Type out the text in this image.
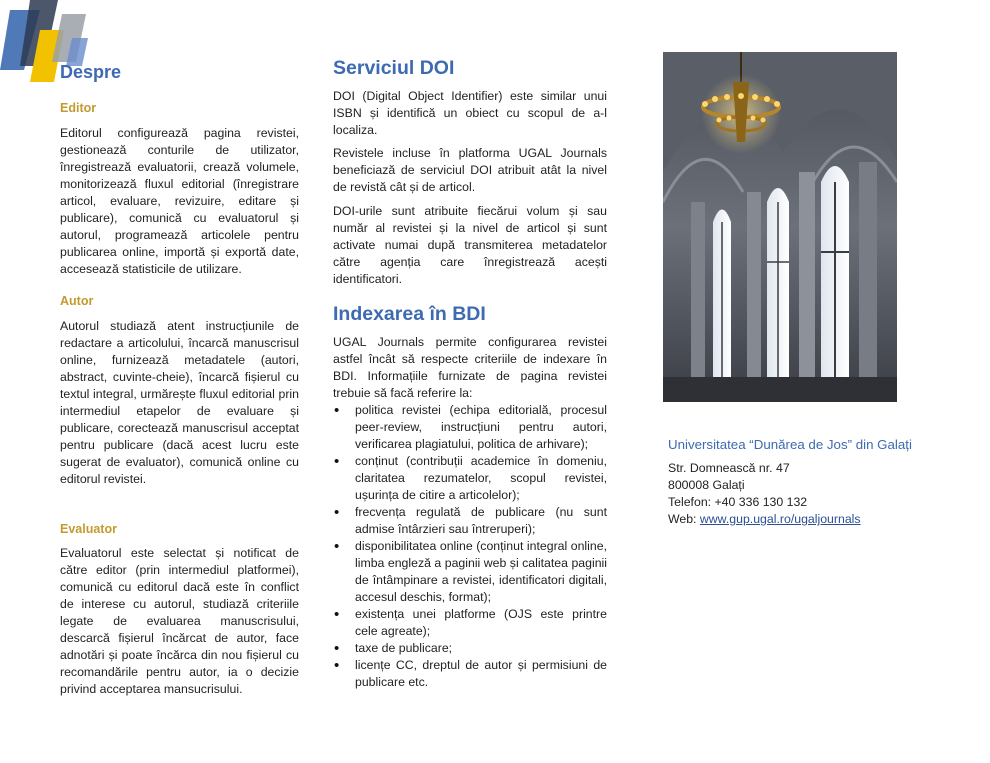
Despre
Editor

Editorul configurează pagina revistei, gestionează conturile de utilizator, înregistrează evaluatorii, crează volumele, monitorizează fluxul editorial (înregistrare articol, evaluare, revizuire, editare și publicare), comunică cu evaluatorul și autorul, programează articolele pentru publicarea online, importă și exportă date, accesează statisticile de utilizare.

Autor

Autorul studiază atent instrucțiunile de redactare a articolului, încarcă manuscrisul online, furnizează metadatele (autori, abstract, cuvinte-cheie), încarcă fișierul cu textul integral, urmărește fluxul editorial prin intermediul etapelor de evaluare și publicare, corectează manuscrisul acceptat pentru publicare (dacă acest lucru este sugerat de evaluator), comunică online cu editorul revistei.

Evaluator

Evaluatorul este selectat și notificat de către editor (prin intermediul platformei), comunică cu editorul dacă este în conflict de interese cu autorul, studiază criteriile legate de evaluarea manuscrisului, descarcă fișierul încărcat de autor, face adnotări și poate încărca din nou fișierul cu recomandările pentru autor, ia o decizie privind acceptarea mansucrisului.

Serviciul DOI

DOI (Digital Object Identifier) este similar unui ISBN și identifică un obiect cu scopul de a-l localiza.

Revistele incluse în platforma UGAL Journals beneficiază de serviciul DOI atribuit atât la nivel de revistă cât și de articol.

DOI-urile sunt atribuite fiecărui volum și sau număr al revistei și la nivel de articol și sunt activate numai după transmiterea metadatelor către agenția care înregistrează acești identificatori.

Indexarea în BDI

UGAL Journals permite configurarea revistei astfel încât să respecte criteriile de indexare în BDI. Informațiile furnizate de pagina revistei trebuie să facă referire la:

• politica revistei (echipa editorială, procesul peer-review, instrucțiuni pentru autori, verificarea plagiatului, politica de arhivare);
• conținut (contribuții academice în domeniu, claritatea rezumatelor, scopul revistei, ușurința de citire a articolelor);
• frecvența regulată de publicare (nu sunt admise întârzieri sau întreruperi);
• disponibilitatea online (conținut integral online, limba engleză a paginii web și calitatea paginii de întâmpinare a revistei, identificatori digitali, accesul deschis, format);
• existența unei platforme (OJS este printre cele agreate);
• taxe de publicare;
• licențe CC, dreptul de autor și permisiuni de publicare etc.

Universitatea “Dunărea de Jos” din Galați

Str. Domnească nr. 47

800008 Galați

Telefon: +40 336 130 132

Web: www.gup.ugal.ro/ugaljournals
